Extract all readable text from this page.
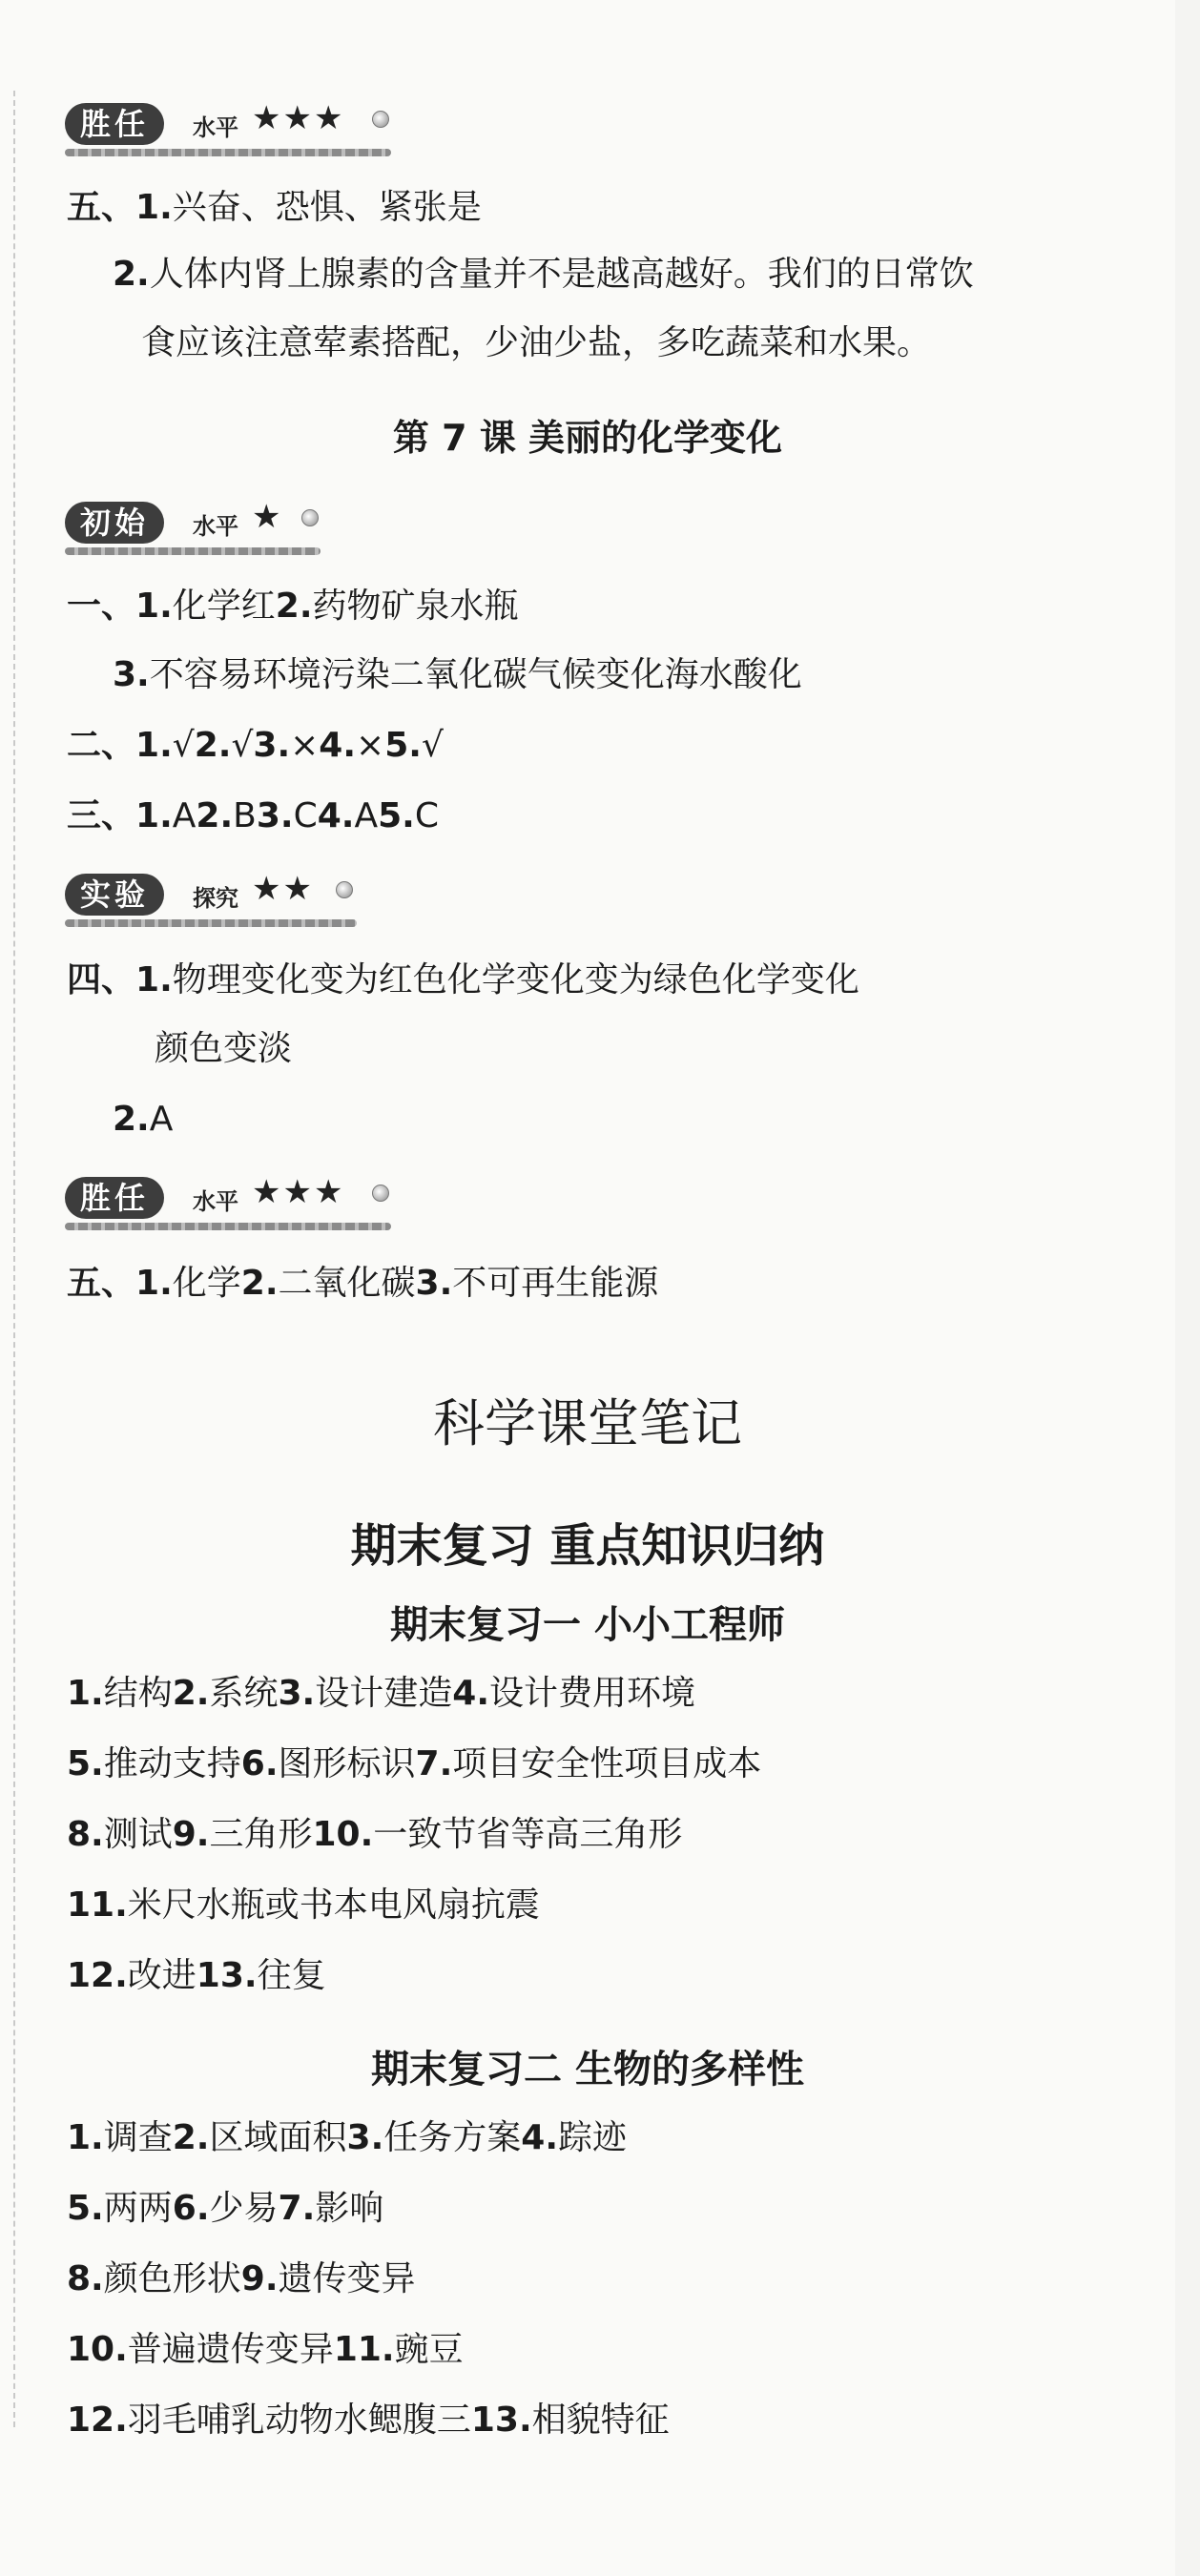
胜任	水平 ★★★
五、1.兴奋、恐惧、紧张是
2.人体内肾上腺素的含量并不是越高越好。我们的日常饮
食应该注意荤素搭配，少油少盐，多吃蔬菜和水果。
第 7 课 美丽的化学变化
初始	水平 ★
一、1.化学红2.药物矿泉水瓶
3.不容易环境污染二氧化碳气候变化海水酸化
二、1.√2.√3.×4.×5.√
三、1.A2.B3.C4.A5.C
实验	探究 ★★
四、1.物理变化变为红色化学变化变为绿色化学变化
颜色变淡
2.A
胜任	水平 ★★★
五、1.化学2.二氧化碳3.不可再生能源
科学课堂笔记
期末复习 重点知识归纳
期末复习一 小小工程师
1.结构2.系统3.设计建造4.设计费用环境
5.推动支持6.图形标识7.项目安全性项目成本
8.测试9.三角形10.一致节省等高三角形
11.米尺水瓶或书本电风扇抗震
12.改进13.往复
期末复习二 生物的多样性
1.调查2.区域面积3.任务方案4.踪迹
5.两两6.少易7.影响
8.颜色形状9.遗传变异
10.普遍遗传变异11.豌豆
12.羽毛哺乳动物水鳃腹三13.相貌特征
